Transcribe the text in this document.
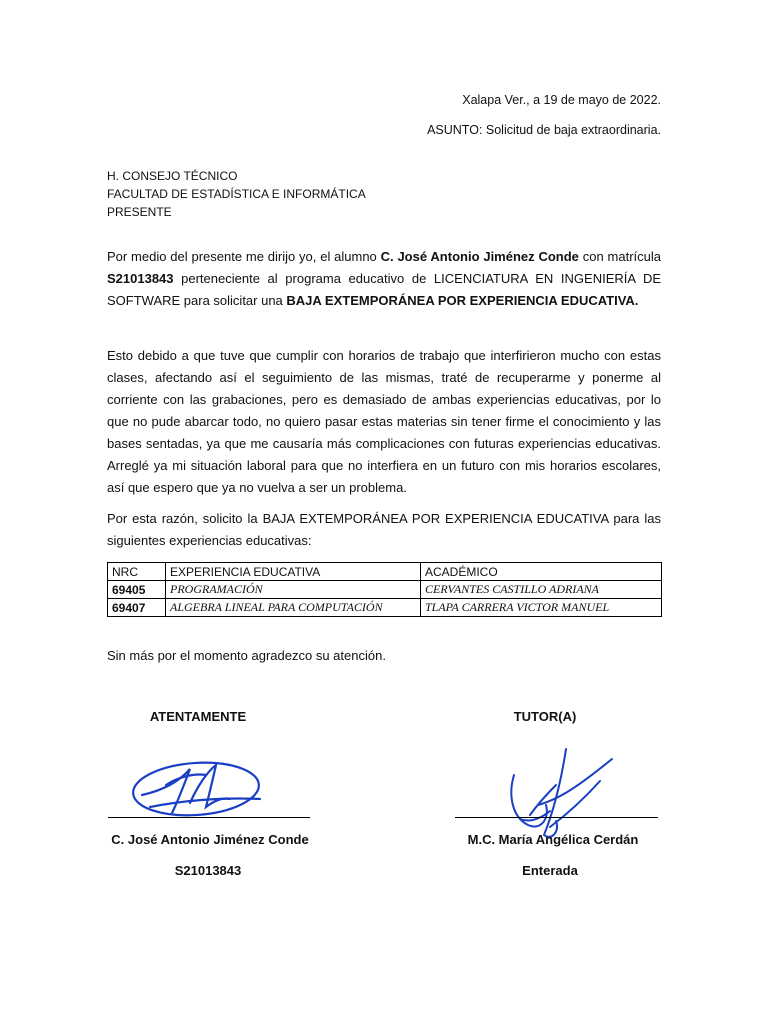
Xalapa Ver., a 19 de mayo de 2022.
ASUNTO: Solicitud de baja extraordinaria.
H. CONSEJO TÉCNICO
FACULTAD DE ESTADÍSTICA E INFORMÁTICA
PRESENTE
Por medio del presente me dirijo yo, el alumno C. José Antonio Jiménez Conde con matrícula S21013843 perteneciente al programa educativo de LICENCIATURA EN INGENIERÍA DE SOFTWARE para solicitar una BAJA EXTEMPORÁNEA POR EXPERIENCIA EDUCATIVA.
Esto debido a que tuve que cumplir con horarios de trabajo que interfirieron mucho con estas clases, afectando así el seguimiento de las mismas, traté de recuperarme y ponerme al corriente con las grabaciones, pero es demasiado de ambas experiencias educativas, por lo que no pude abarcar todo, no quiero pasar estas materias sin tener firme el conocimiento y las bases sentadas, ya que me causaría más complicaciones con futuras experiencias educativas. Arreglé ya mi situación laboral para que no interfiera en un futuro con mis horarios escolares, así que espero que ya no vuelva a ser un problema.
Por esta razón, solicito la BAJA EXTEMPORÁNEA POR EXPERIENCIA EDUCATIVA para las siguientes experiencias educativas:
NRC	EXPERIENCIA EDUCATIVA	ACADÉMICO
69405	PROGRAMACIÓN	CERVANTES CASTILLO ADRIANA
69407	ALGEBRA LINEAL PARA COMPUTACIÓN	TLAPA CARRERA VICTOR MANUEL
Sin más por el momento agradezco su atención.
ATENTAMENTE
C. José Antonio Jiménez Conde
S21013843
TUTOR(A)
M.C. María Angélica Cerdán
Enterada
